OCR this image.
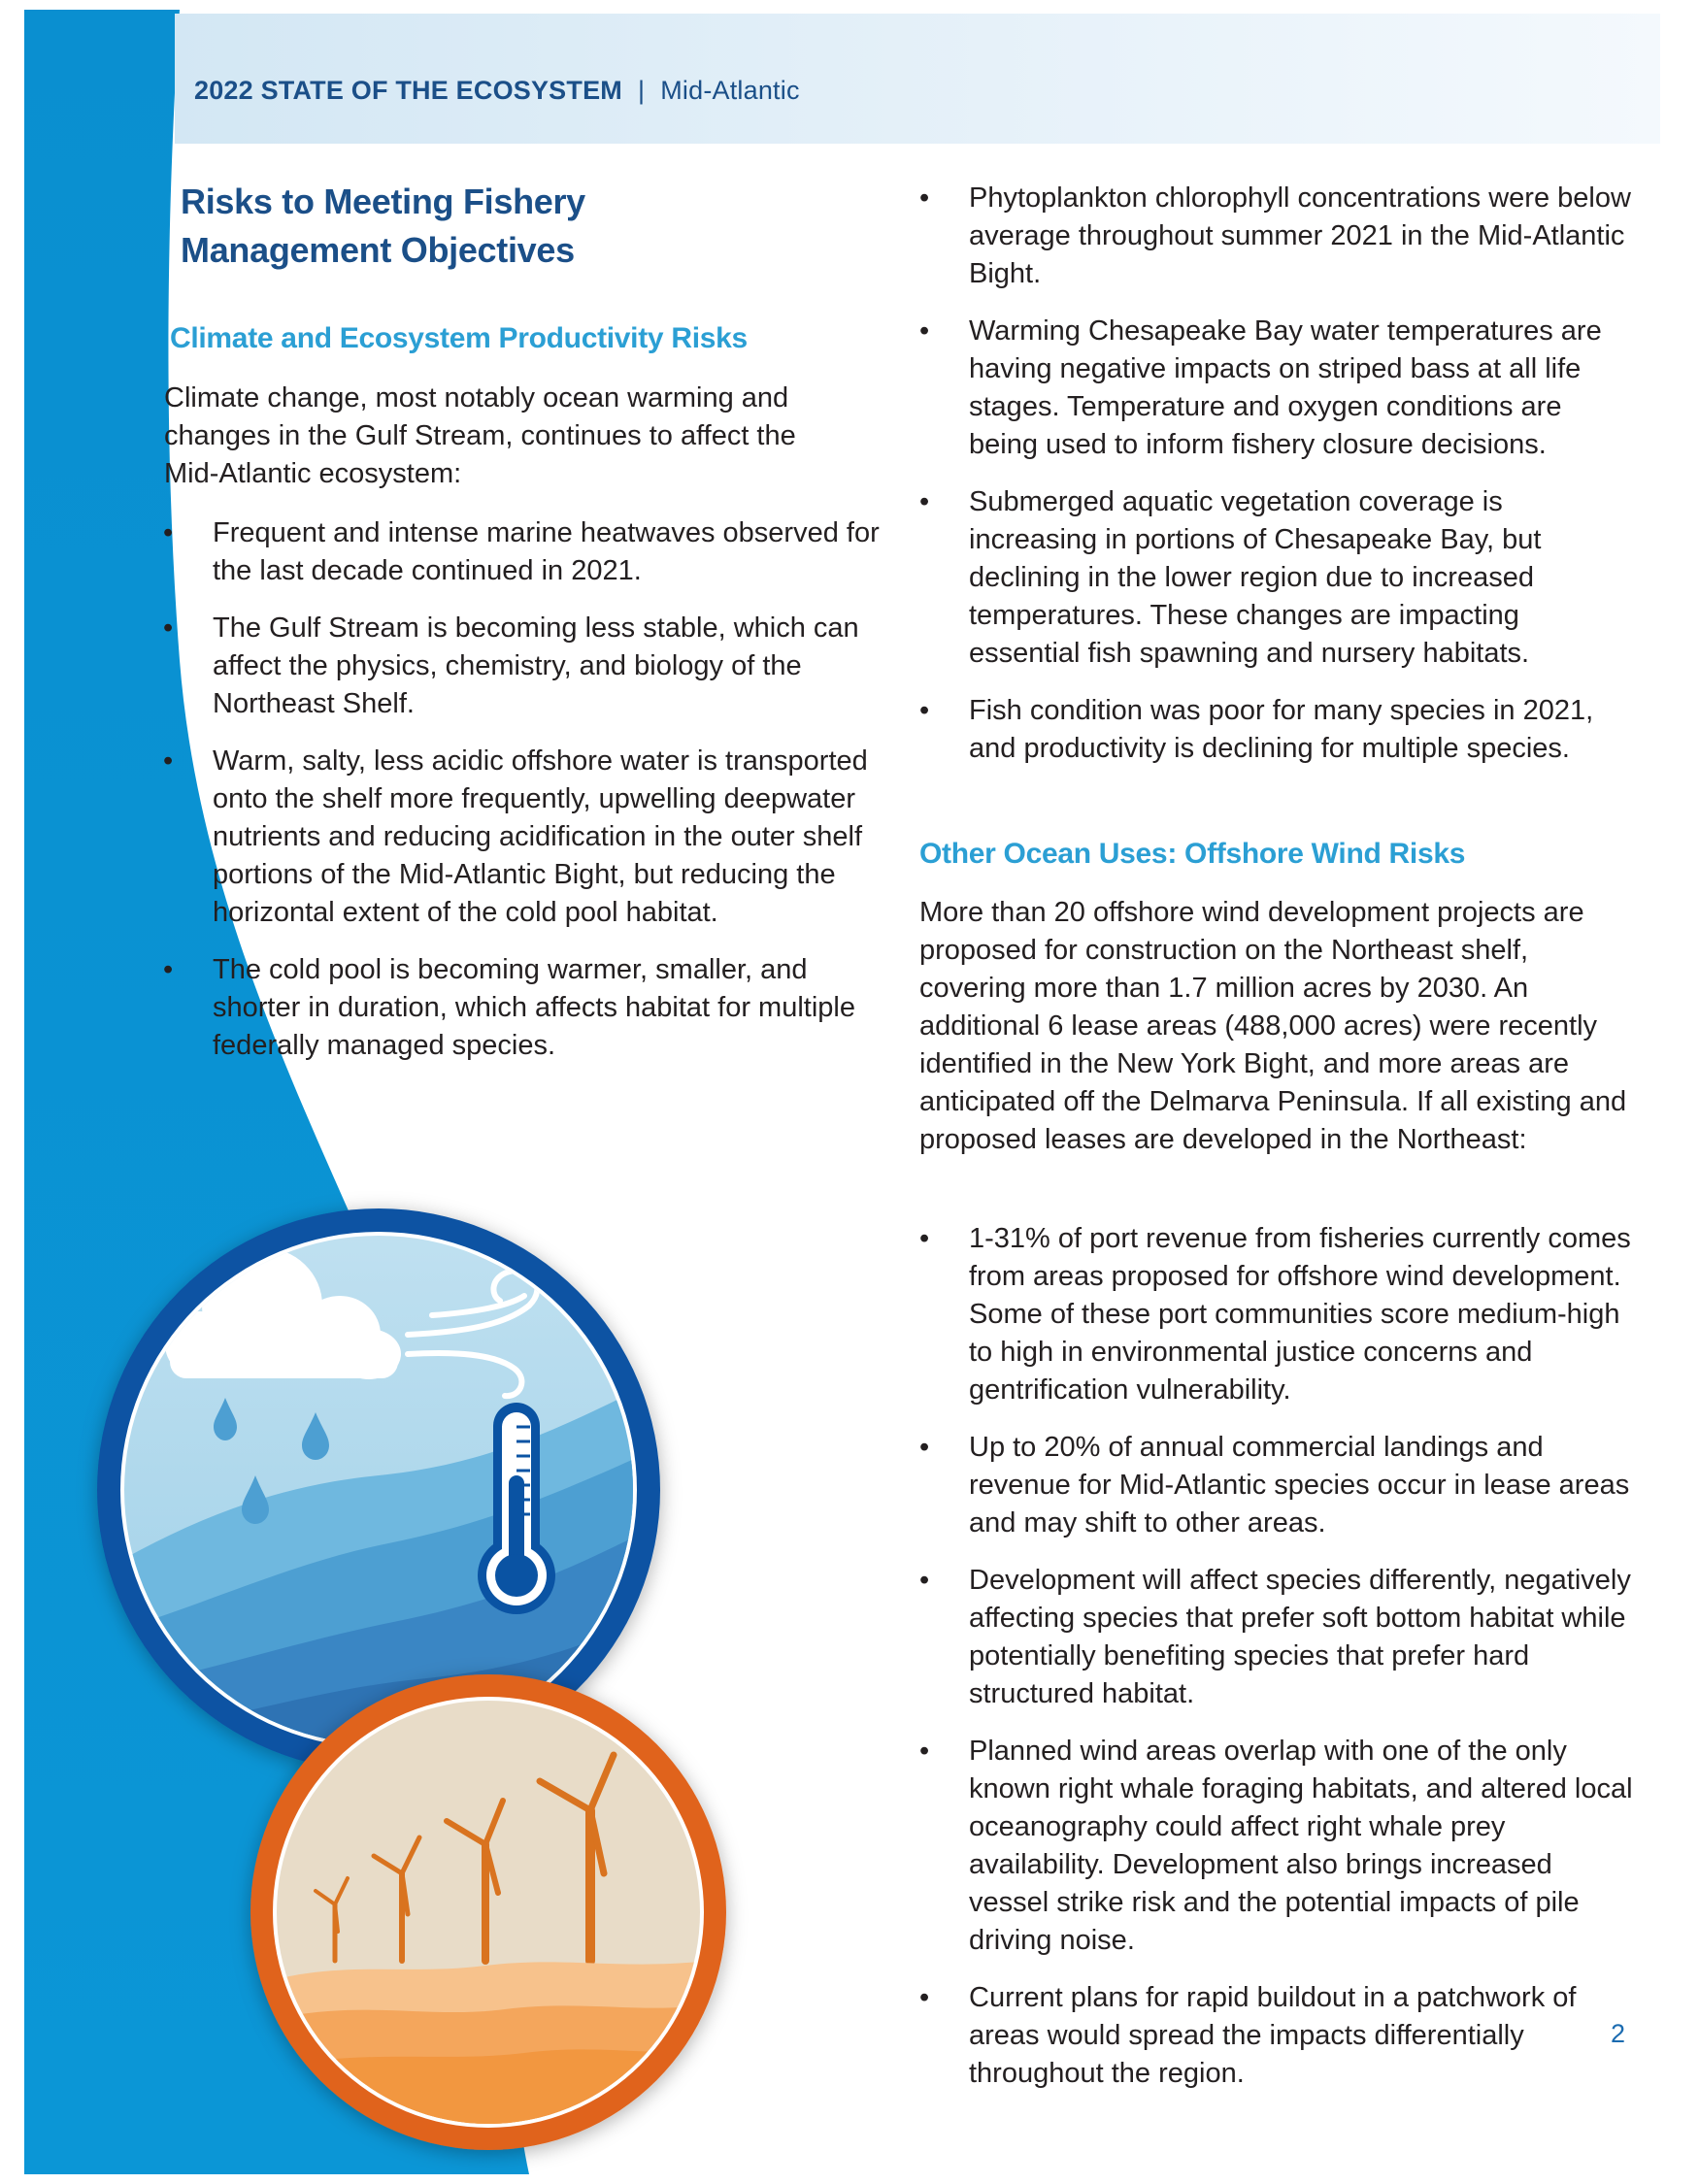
2022 STATE OF THE ECOSYSTEM | Mid-Atlantic
Risks to Meeting Fishery Management Objectives
Climate and Ecosystem Productivity Risks

Climate change, most notably ocean warming and changes in the Gulf Stream, continues to affect the Mid-Atlantic ecosystem:

•	Frequent and intense marine heatwaves observed for the last decade continued in 2021.
•	The Gulf Stream is becoming less stable, which can affect the physics, chemistry, and biology of the Northeast Shelf.
•	Warm, salty, less acidic offshore water is transported onto the shelf more frequently, upwelling deepwater nutrients and reducing acidification in the outer shelf portions of the Mid-Atlantic Bight, but reducing the horizontal extent of the cold pool habitat.
•	The cold pool is becoming warmer, smaller, and shorter in duration, which affects habitat for multiple federally managed species.
•	Phytoplankton chlorophyll concentrations were below average throughout summer 2021 in the Mid-Atlantic Bight.
•	Warming Chesapeake Bay water temperatures are having negative impacts on striped bass at all life stages. Temperature and oxygen conditions are being used to inform fishery closure decisions.
•	Submerged aquatic vegetation coverage is increasing in portions of Chesapeake Bay, but declining in the lower region due to increased temperatures. These changes are impacting essential fish spawning and nursery habitats.
•	Fish condition was poor for many species in 2021, and productivity is declining for multiple species.
Other Ocean Uses: Offshore Wind Risks

More than 20 offshore wind development projects are proposed for construction on the Northeast shelf, covering more than 1.7 million acres by 2030. An additional 6 lease areas (488,000 acres) were recently identified in the New York Bight, and more areas are anticipated off the Delmarva Peninsula. If all existing and proposed leases are developed in the Northeast:

•	1-31% of port revenue from fisheries currently comes from areas proposed for offshore wind development. Some of these port communities score medium-high to high in environmental justice concerns and gentrification vulnerability.
•	Up to 20% of annual commercial landings and revenue for Mid-Atlantic species occur in lease areas and may shift to other areas.
•	Development will affect species differently, negatively affecting species that prefer soft bottom habitat while potentially benefiting species that prefer hard structured habitat.
•	Planned wind areas overlap with one of the only known right whale foraging habitats, and altered local oceanography could affect right whale prey availability. Development also brings increased vessel strike risk and the potential impacts of pile driving noise.
•	Current plans for rapid buildout in a patchwork of areas would spread the impacts differentially throughout the region.
2
